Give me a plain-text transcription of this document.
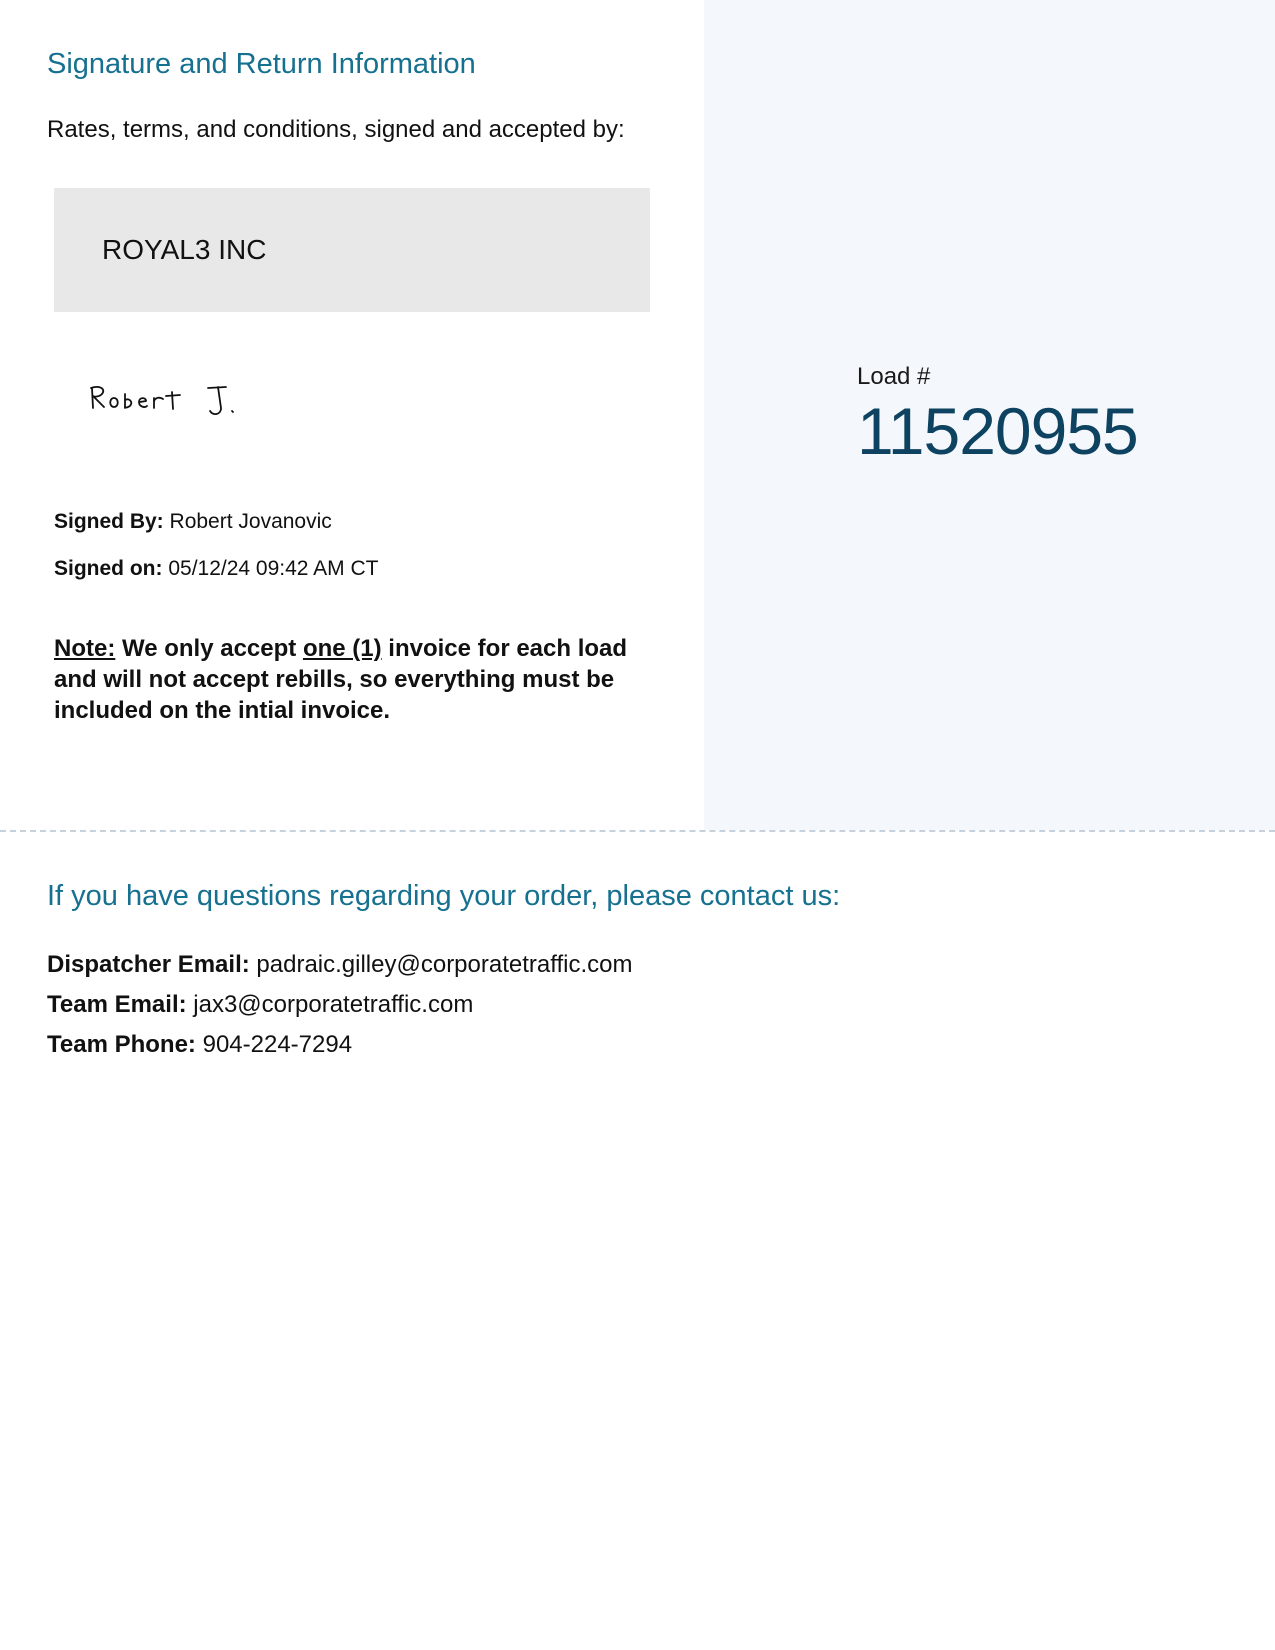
Load #
11520955
Signature and Return Information
Rates, terms, and conditions, signed and accepted by:
ROYAL3 INC
Signed By: Robert Jovanovic
Signed on: 05/12/24 09:42 AM CT
Note: We only accept one (1) invoice for each load and will not accept rebills, so everything must be included on the intial invoice.
If you have questions regarding your order, please contact us:
Dispatcher Email: padraic.gilley@corporatetraffic.com
Team Email: jax3@corporatetraffic.com
Team Phone: 904-224-7294
